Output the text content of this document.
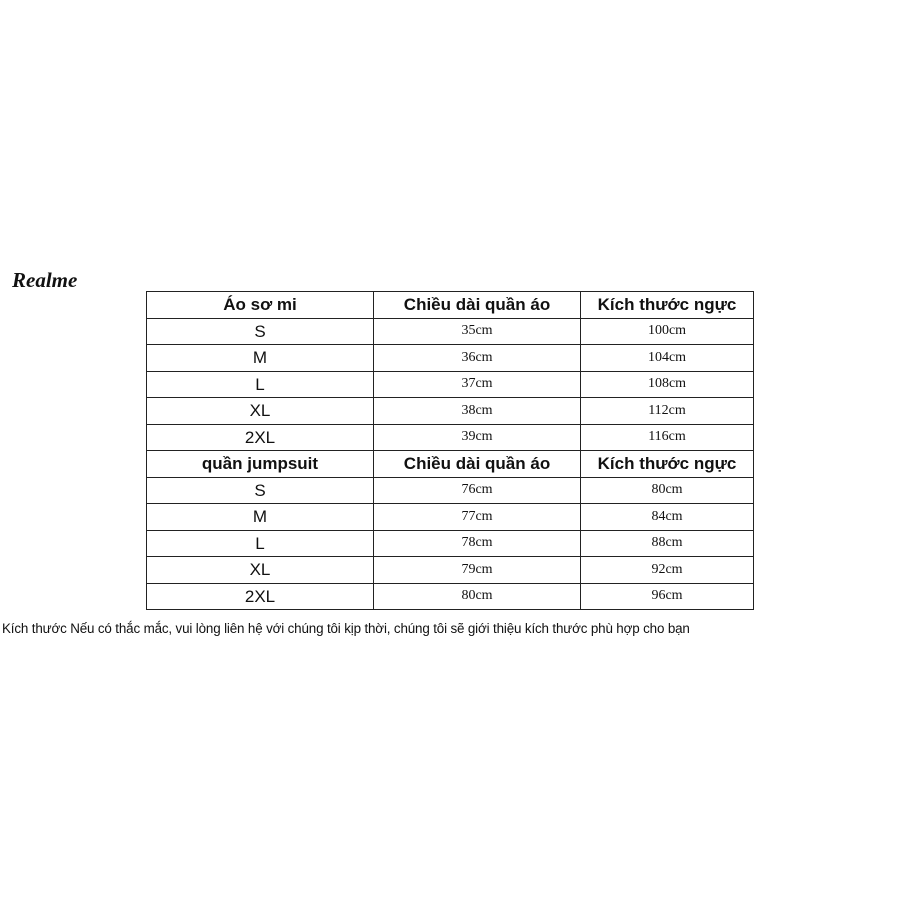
Realme
Áo sơ mi	Chiều dài quần áo	Kích thước ngực
S	35cm	100cm
M	36cm	104cm
L	37cm	108cm
XL	38cm	112cm
2XL	39cm	116cm
quần jumpsuit	Chiều dài quần áo	Kích thước ngực
S	76cm	80cm
M	77cm	84cm
L	78cm	88cm
XL	79cm	92cm
2XL	80cm	96cm
Kích thước Nếu có thắc mắc, vui lòng liên hệ với chúng tôi kịp thời, chúng tôi sẽ giới thiệu kích thước phù hợp cho bạn
